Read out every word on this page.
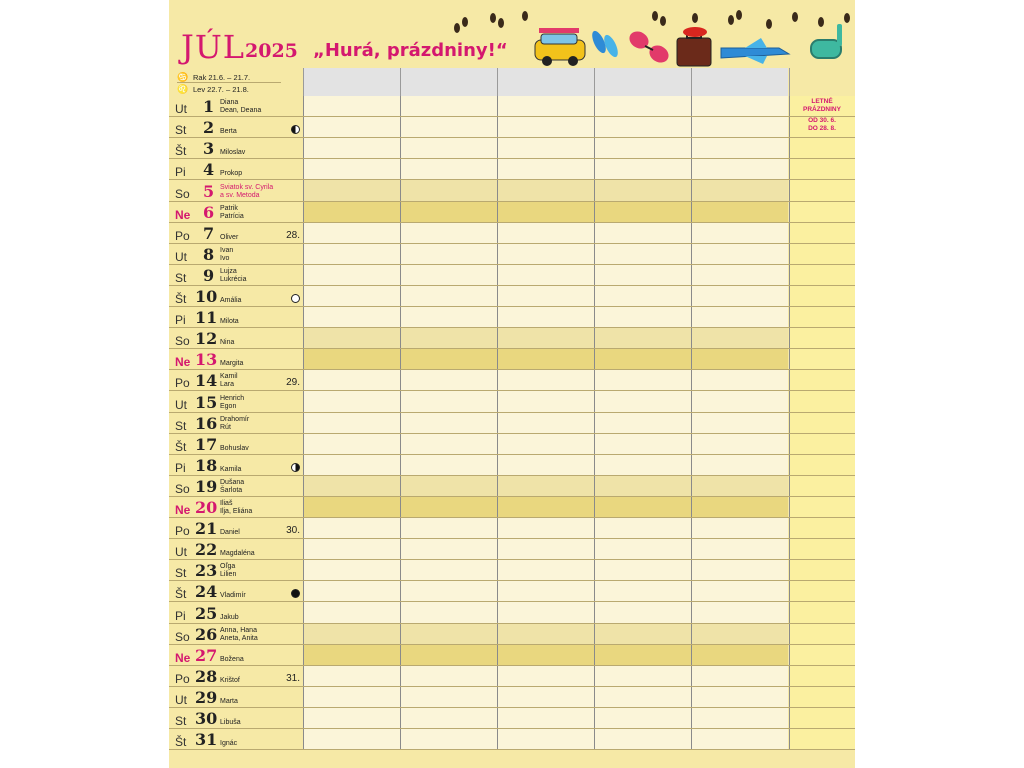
JÚL 2025 „Hurá, prázdniny!“
♋ Rak 21.6. – 21.7.
♌ Lev 22.7. – 21.8.
Ut 1 Diana
Dean, Deana
St 2 Berta
Št 3 Miloslav
Pi 4 Prokop
So 5 Sviatok sv. Cyrila
a sv. Metoda
Ne 6 Patrik
Patrícia
Po 7 Oliver	28.
Ut 8 Ivan
Ivo
St 9 Lujza
Lukrécia
Št 10 Amália
Pi 11 Milota
So 12 Nina
Ne 13 Margita
Po 14 Kamil
Lara	29.
Ut 15 Henrich
Egon
St 16 Drahomír
Rút
Št 17 Bohuslav
Pi 18 Kamila
So 19 Dušana
Šarlota
Ne 20 Iliaš
Ilja, Eliána
Po 21 Daniel	30.
Ut 22 Magdaléna
St 23 Oľga
Lilien
Št 24 Vladimír
Pi 25 Jakub
So 26 Anna, Hana
Aneta, Anita
Ne 27 Božena
Po 28 Krištof	31.
Ut 29 Marta
St 30 Libuša
Št 31 Ignác
LETNÉ
PRÁZDNINY
OD 30. 6.
DO 28. 8.
